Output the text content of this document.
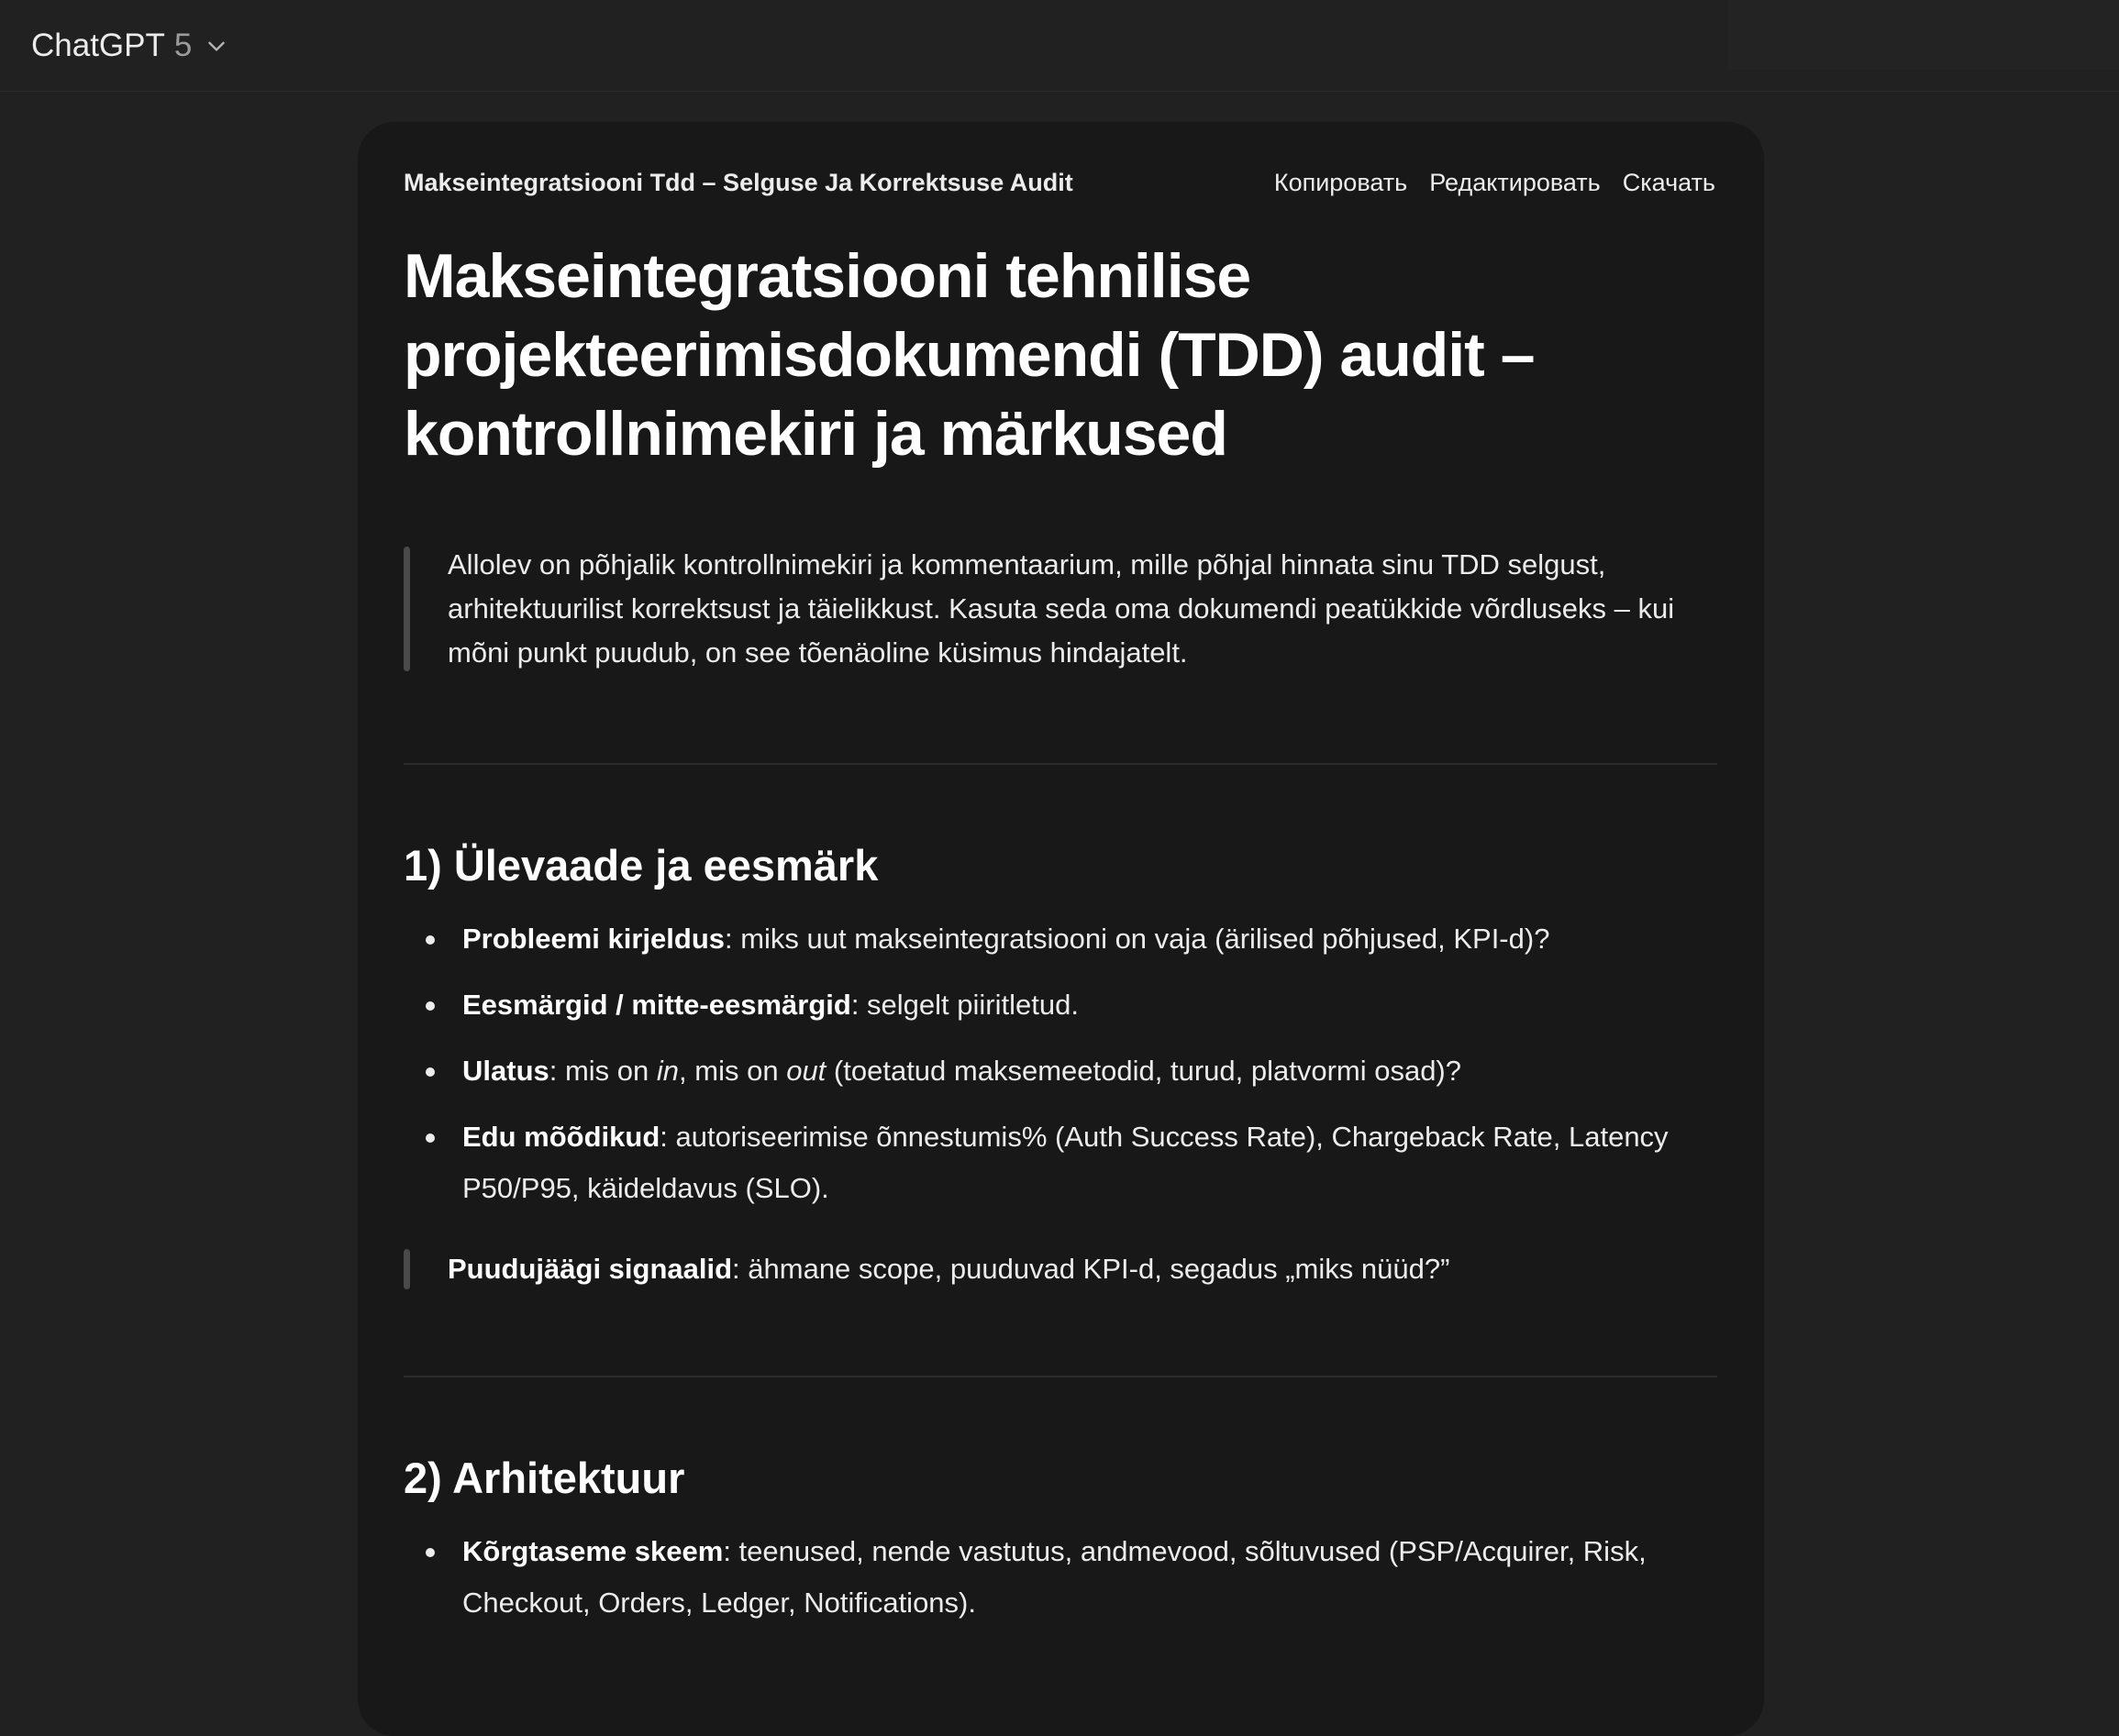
ChatGPT 5
Makseintegratsiooni Tdd – Selguse Ja Korrektsuse Audit	Копировать Редактировать Скачать
Makseintegratsiooni tehnilise projekteerimisdokumendi (TDD) audit – kontrollnimekiri ja märkused
Allolev on põhjalik kontrollnimekiri ja kommentaarium, mille põhjal hinnata sinu TDD selgust, arhitektuurilist korrektsust ja täielikkust. Kasuta seda oma dokumendi peatükkide võrdluseks – kui mõni punkt puudub, on see tõenäoline küsimus hindajatelt.
1) Ülevaade ja eesmärk
Probleemi kirjeldus: miks uut makseintegratsiooni on vaja (ärilised põhjused, KPI-d)?
Eesmärgid / mitte-eesmärgid: selgelt piiritletud.
Ulatus: mis on in, mis on out (toetatud maksemeetodid, turud, platvormi osad)?
Edu mõõdikud: autoriseerimise õnnestumis% (Auth Success Rate), Chargeback Rate, Latency P50/P95, käideldavus (SLO).
Puudujäägi signaalid: ähmane scope, puuduvad KPI-d, segadus „miks nüüd?”
2) Arhitektuur
Kõrgtaseme skeem: teenused, nende vastutus, andmevood, sõltuvused (PSP/Acquirer, Risk, Checkout, Orders, Ledger, Notifications).
